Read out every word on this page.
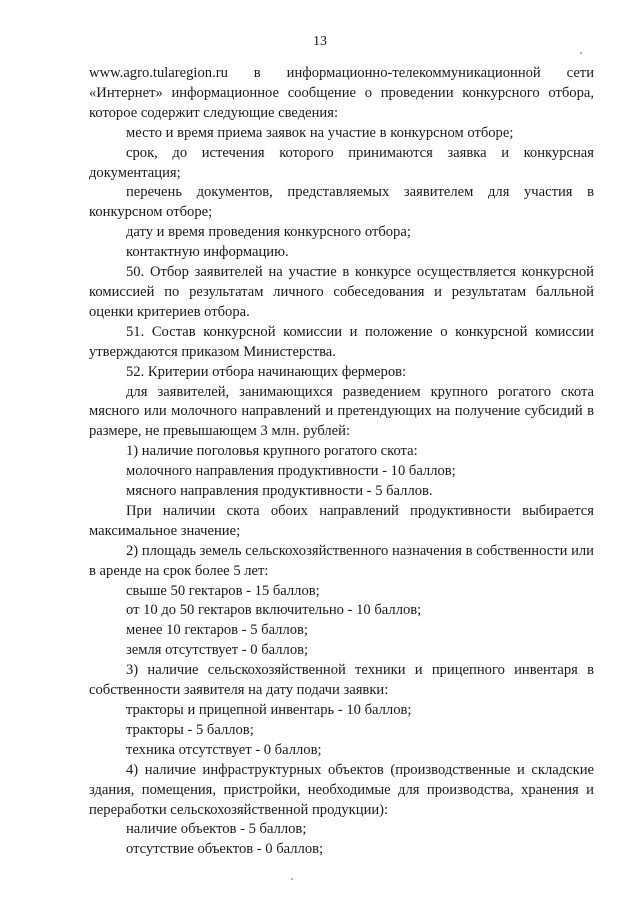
13

www.agro.tularegion.ru в информационно-телекоммуникационной сети «Интернет» информационное сообщение о проведении конкурсного отбора, которое содержит следующие сведения:

место и время приема заявок на участие в конкурсном отборе;

срок, до истечения которого принимаются заявка и конкурсная документация;

перечень документов, представляемых заявителем для участия в конкурсном отборе;

дату и время проведения конкурсного отбора;

контактную информацию.

50. Отбор заявителей на участие в конкурсе осуществляется конкурсной комиссией по результатам личного собеседования и результатам балльной оценки критериев отбора.

51. Состав конкурсной комиссии и положение о конкурсной комиссии утверждаются приказом Министерства.

52. Критерии отбора начинающих фермеров:

для заявителей, занимающихся разведением крупного рогатого скота мясного или молочного направлений и претендующих на получение субсидий в размере, не превышающем 3 млн. рублей:

1) наличие поголовья крупного рогатого скота:

молочного направления продуктивности - 10 баллов;

мясного направления продуктивности - 5 баллов.

При наличии скота обоих направлений продуктивности выбирается максимальное значение;

2) площадь земель сельскохозяйственного назначения в собственности или в аренде на срок более 5 лет:

свыше 50 гектаров - 15 баллов;

от 10 до 50 гектаров включительно - 10 баллов;

менее 10 гектаров - 5 баллов;

земля отсутствует - 0 баллов;

3) наличие сельскохозяйственной техники и прицепного инвентаря в собственности заявителя на дату подачи заявки:

тракторы и прицепной инвентарь - 10 баллов;

тракторы - 5 баллов;

техника отсутствует - 0 баллов;

4) наличие инфраструктурных объектов (производственные и складские здания, помещения, пристройки, необходимые для производства, хранения и переработки сельскохозяйственной продукции):

наличие объектов - 5 баллов;

отсутствие объектов - 0 баллов;
